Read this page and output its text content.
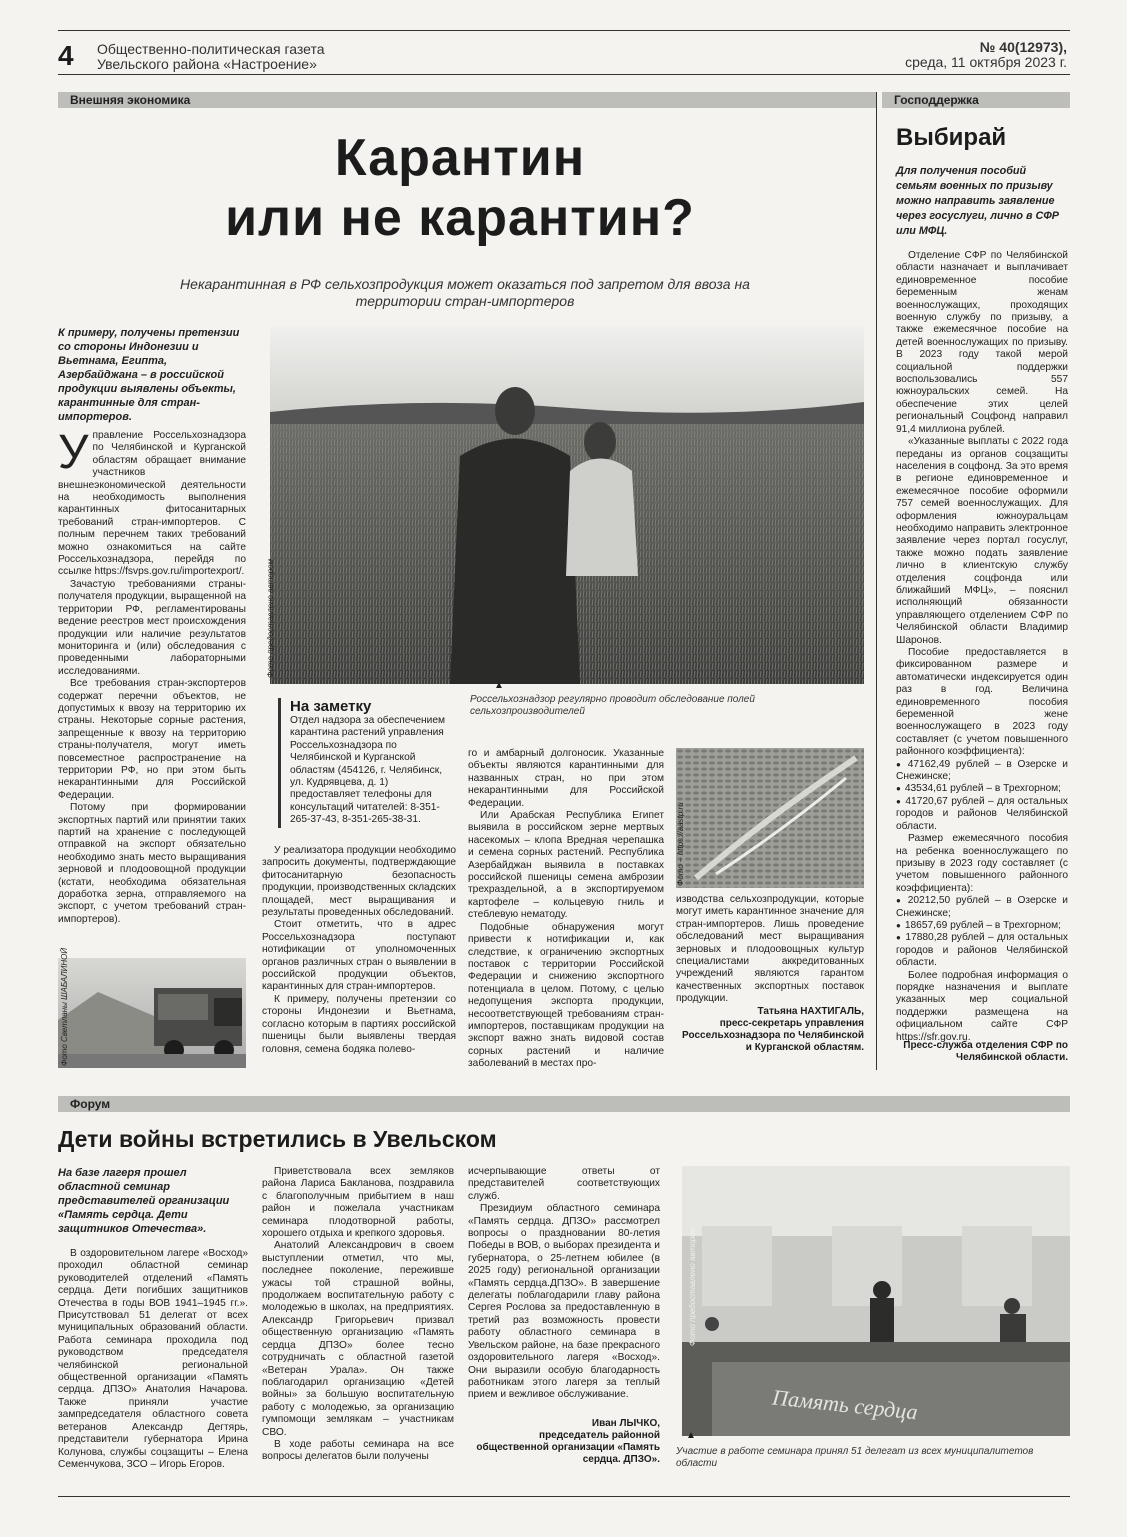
4 Общественно-политическая газета
Увельского района «Настроение»
№ 40(12973),
среда, 11 октября 2023 г.
Внешняя экономика	Господдержка
Карантин
или не карантин?
Некарантинная в РФ сельхозпродукция может оказаться под запретом для ввоза на территории стран-импортеров
К примеру, получены претензии со стороны Индонезии и Вьетнама, Египта, Азербайджана – в российской продукции выявлены объекты, карантинные для стран-импортеров.

Управление Россельхознадзора по Челябинской и Курганской областям обращает внимание участников внешнеэкономической деятельности на необходимость выполнения карантинных фитосанитарных требований стран-импортеров. С полным перечнем таких требований можно ознакомиться на сайте Россельхознадзора, перейдя по ссылке https://fsvps.gov.ru/importexport/.

Зачастую требованиями страны-получателя продукции, выращенной на территории РФ, регламентированы ведение реестров мест происхождения продукции или наличие результатов мониторинга и (или) обследования с проведенными лабораторными исследованиями.

Все требования стран-экспортеров содержат перечни объектов, не допустимых к ввозу на территорию их страны. Некоторые сорные растения, запрещенные к ввозу на территорию страны-получателя, могут иметь повсеместное распространение на территории РФ, но при этом быть некарантинными для Российской Федерации.

Потому при формировании экспортных партий или принятии таких партий на хранение с последующей отправкой на экспорт обязательно необходимо знать место выращивания зерновой и плодоовощной продукции (кстати, необходима обязательная доработка зерна, отправляемого на экспорт, с учетом требований стран-импортеров).

Фото Светланы ШАБАЛИНОЙ
Фото предоставлено автором
▲
Россельхознадзор регулярно проводит обследование полей сельхозпроизводителей
На заметку
Отдел надзора за обеспечением карантина растений управления Россельхознадзора по Челябинской и Курганской областям (454126, г. Челябинск, ул. Кудрявцева, д. 1) предоставляет телефоны для консультаций читателей: 8-351-265-37-43, 8-351-265-38-31.

У реализатора продукции необходимо запросить документы, подтверждающие фитосанитарную безопасность продукции, производственных складских площадей, мест выращивания и результаты проведенных обследований.

Стоит отметить, что в адрес Россельхознадзора поступают нотификации от уполномоченных органов различных стран о выявлении в российской продукции объектов, карантинных для стран-импортеров.

К примеру, получены претензии со стороны Индонезии и Вьетнама, согласно которым в партиях российской пшеницы были выявлены твердая головня, семена бодяка полево-

го и амбарный долгоносик. Указанные объекты являются карантинными для названных стран, но при этом некарантинными для Российской Федерации.

Или Арабская Республика Египет выявила в российском зерне мертвых насекомых – клопа Вредная черепашка и семена сорных растений. Республика Азербайджан выявила в поставках российской пшеницы семена амброзии трехраздельной, а в экспортируемом картофеле – кольцевую гниль и стеблевую нематоду.

Подобные обнаружения могут привести к нотификации и, как следствие, к ограничению экспортных поставок с территории Российской Федерации и снижению экспортного потенциала в целом. Потому, с целью недопущения экспорта продукции, несоответствующей требованиям стран-импортеров, поставщикам продукции на экспорт важно знать видовой состав сорных растений и наличие заболеваний в местах про-

Фото – https://aastp.ru

изводства сельхозпродукции, которые могут иметь карантинное значение для стран-импортеров. Лишь проведение обследований мест выращивания зерновых и плодоовощных культур специалистами аккредитованных учреждений являются гарантом качественных экспортных поставок продукции.

Татьяна НАХТИГАЛЬ,
пресс-секретарь управления Россельхознадзора по Челябинской и Курганской областям.
Выбирай
Для получения пособий семьям военных по призыву можно направить заявление через госуслуги, лично в СФР или МФЦ.

Отделение СФР по Челябинской области назначает и выплачивает единовременное пособие беременным женам военнослужащих, проходящих военную службу по призыву, а также ежемесячное пособие на детей военнослужащих по призыву. В 2023 году такой мерой социальной поддержки воспользовались 557 южноуральских семей. На обеспечение этих целей региональный Соцфонд направил 91,4 миллиона рублей.

«Указанные выплаты с 2022 года переданы из органов соцзащиты населения в соцфонд. За это время в регионе единовременное и ежемесячное пособие оформили 757 семей военнослужащих. Для оформления южноуральцам необходимо направить электронное заявление через портал госуслуг, также можно подать заявление лично в клиентскую службу отделения соцфонда или ближайший МФЦ», – пояснил исполняющий обязанности управляющего отделением СФР по Челябинской области Владимир Шаронов.

Пособие предоставляется в фиксированном размере и автоматически индексируется один раз в год. Величина единовременного пособия беременной жене военнослужащего в 2023 году составляет (с учетом повышенного районного коэффициента):

● 47162,49 рублей – в Озерске и Снежинске;
● 43534,61 рублей – в Трехгорном;
● 41720,67 рублей – для остальных городов и районов Челябинской области.

Размер ежемесячного пособия на ребенка военнослужащего по призыву в 2023 году составляет (с учетом повышенного районного коэффициента):

● 20212,50 рублей – в Озерске и Снежинске;
● 18657,69 рублей – в Трехгорном;
● 17880,28 рублей – для остальных городов и районов Челябинской области.

Более подробная информация о порядке назначения и выплате указанных мер социальной поддержки размещена на официальном сайте СФР https://sfr.gov.ru.

Пресс-служба отделения СФР по Челябинской области.
Форум
Дети войны встретились в Увельском
На базе лагеря прошел областной семинар представителей организации «Память сердца. Дети защитников Отечества».

В оздоровительном лагере «Восход» проходил областной семинар руководителей отделений «Память сердца. Дети погибших защитников Отечества в годы ВОВ 1941–1945 гг.». Присутствовал 51 делегат от всех муниципальных образований области. Работа семинара проходила под руководством председателя челябинской региональной общественной организации «Память сердца. ДПЗО» Анатолия Начарова. Также приняли участие зампредседателя областного совета ветеранов Александр Дегтярь, представители губернатора Ирина Колунова, службы соцзащиты – Елена Семенчукова, ЗСО – Игорь Егоров.

Приветствовала всех земляков района Лариса Бакланова, поздравила с благополучным прибытием в наш район и пожелала участникам семинара плодотворной работы, хорошего отдыха и крепкого здоровья.

Анатолий Александрович в своем выступлении отметил, что мы, последнее поколение, переживше ужасы той страшной войны, продолжаем воспитательную работу с молодежью в школах, на предприятиях. Александр Григорьевич призвал общественную организацию «Память сердца ДПЗО» более тесно сотрудничать с областной газетой «Ветеран Урала». Он также поблагодарил организацию «Детей войны» за большую воспитательную работу с молодежью, за организацию гумпомощи землякам – участникам СВО.

В ходе работы семинара на все вопросы делегатов были получены

исчерпывающие ответы от представителей соответствующих служб.

Президиум областного семинара «Память сердца. ДПЗО» рассмотрел вопросы о праздновании 80-летия Победы в ВОВ, о выборах президента и губернатора, о 25-летнем юбилее (в 2025 году) региональной организации «Память сердца.ДПЗО». В завершение делегаты поблагодарили главу района Сергея Рослова за предоставленную в третий раз возможность провести работу областного семинара в Увельском районе, на базе прекрасного оздоровительного лагеря «Восход». Они выразили особую благодарность работникам этого лагеря за теплый прием и вежливое обслуживание.

Иван ЛЫЧКО,
председатель районной общественной организации «Память сердца. ДПЗО».
Память сердца
Фото предоставлено автором
▲
Участие в работе семинара принял 51 делегат из всех муниципалитетов области
